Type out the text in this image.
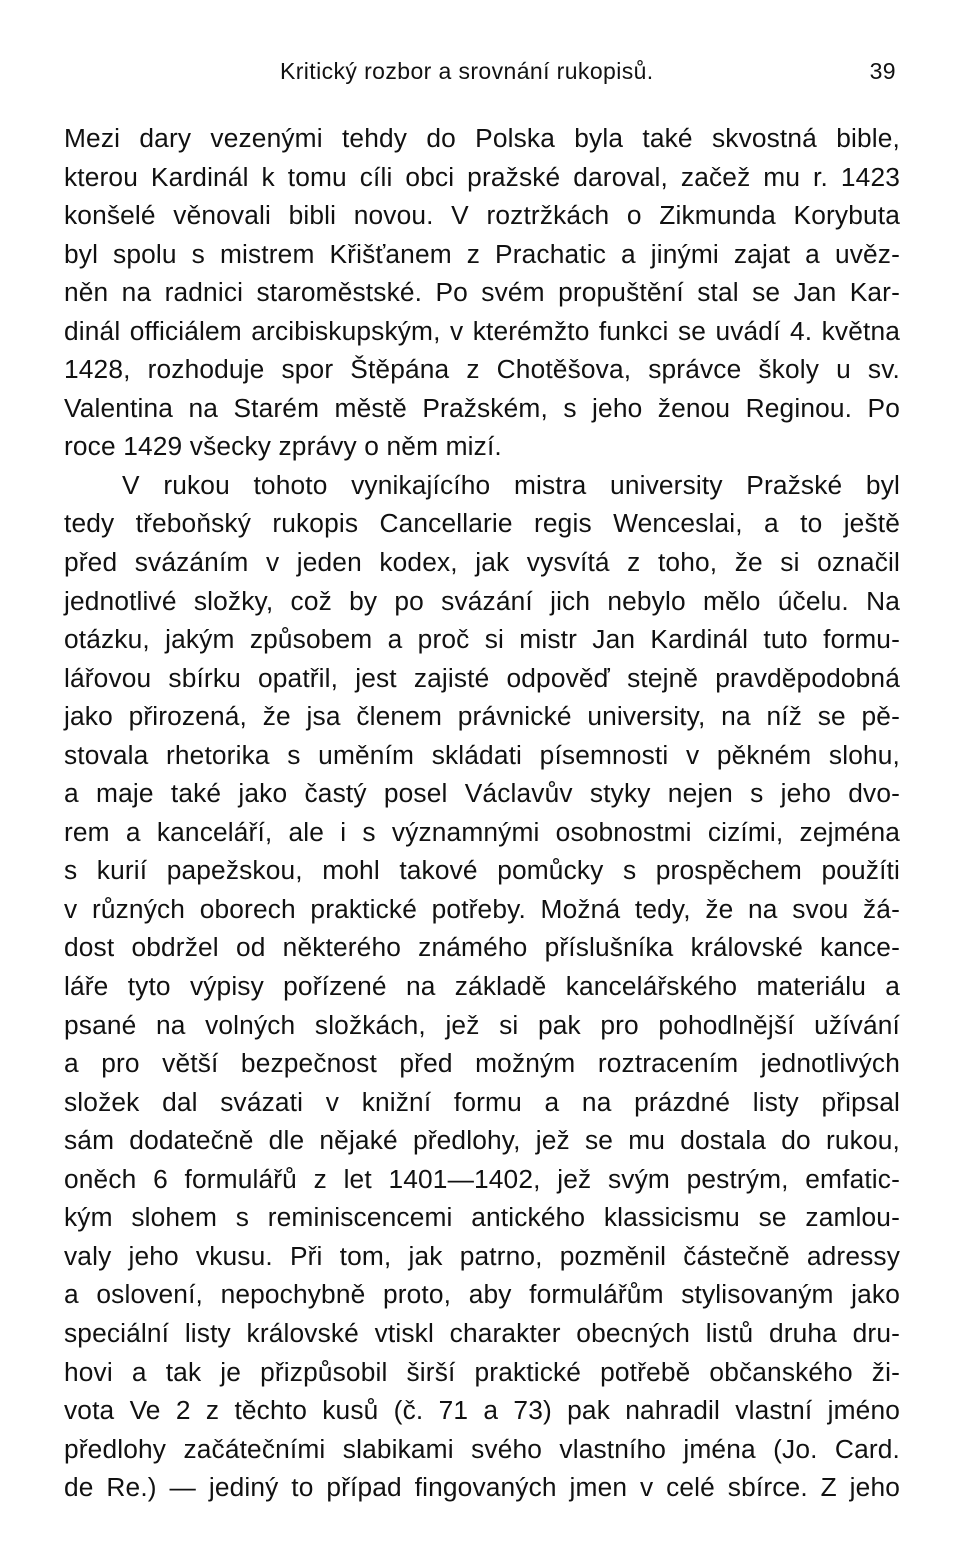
Kritický rozbor a srovnání rukopisů.	39
Mezi dary vezenými tehdy do Polska byla také skvostná bible,
kterou Kardinál k tomu cíli obci pražské daroval, začež mu r. 1423
konšelé věnovali bibli novou. V roztržkách o Zikmunda Korybuta
byl spolu s mistrem Křišťanem z Prachatic a jinými zajat a uvěz-
něn na radnici staroměstské. Po svém propuštění stal se Jan Kar-
dinál officiálem arcibiskupským, v kterémžto funkci se uvádí 4. května
1428, rozhoduje spor Štěpána z Chotěšova, správce školy u sv.
Valentina na Starém městě Pražském, s jeho ženou Reginou. Po
roce 1429 všecky zprávy o něm mizí.
V rukou tohoto vynikajícího mistra university Pražské byl
tedy třeboňský rukopis Cancellarie regis Wenceslai, a to ještě
před svázáním v jeden kodex, jak vysvítá z toho, že si označil
jednotlivé složky, což by po svázání jich nebylo mělo účelu. Na
otázku, jakým způsobem a proč si mistr Jan Kardinál tuto formu-
lářovou sbírku opatřil, jest zajisté odpověď stejně pravděpodobná
jako přirozená, že jsa členem právnické university, na níž se pě-
stovala rhetorika s uměním skládati písemnosti v pěkném slohu,
a maje také jako častý posel Václavův styky nejen s jeho dvo-
rem a kanceláří, ale i s významnými osobnostmi cizími, zejména
s kurií papežskou, mohl takové pomůcky s prospěchem použíti
v různých oborech praktické potřeby. Možná tedy, že na svou žá-
dost obdržel od některého známého příslušníka královské kance-
láře tyto výpisy pořízené na základě kancelářského materiálu a
psané na volných složkách, jež si pak pro pohodlnější užívání
a pro větší bezpečnost před možným roztracením jednotlivých
složek dal svázati v knižní formu a na prázdné listy připsal
sám dodatečně dle nějaké předlohy, jež se mu dostala do rukou,
oněch 6 formulářů z let 1401—1402, jež svým pestrým, emfatic-
kým slohem s reminiscencemi antického klassicismu se zamlou-
valy jeho vkusu. Při tom, jak patrno, pozměnil částečně adressy
a oslovení, nepochybně proto, aby formulářům stylisovaným jako
speciální listy královské vtiskl charakter obecných listů druha dru-
hovi a tak je přizpůsobil širší praktické potřebě občanského ži-
vota Ve 2 z těchto kusů (č. 71 a 73) pak nahradil vlastní jméno
předlohy začátečními slabikami svého vlastního jména (Jo. Card.
de Re.) — jediný to případ fingovaných jmen v celé sbírce. Z jeho
